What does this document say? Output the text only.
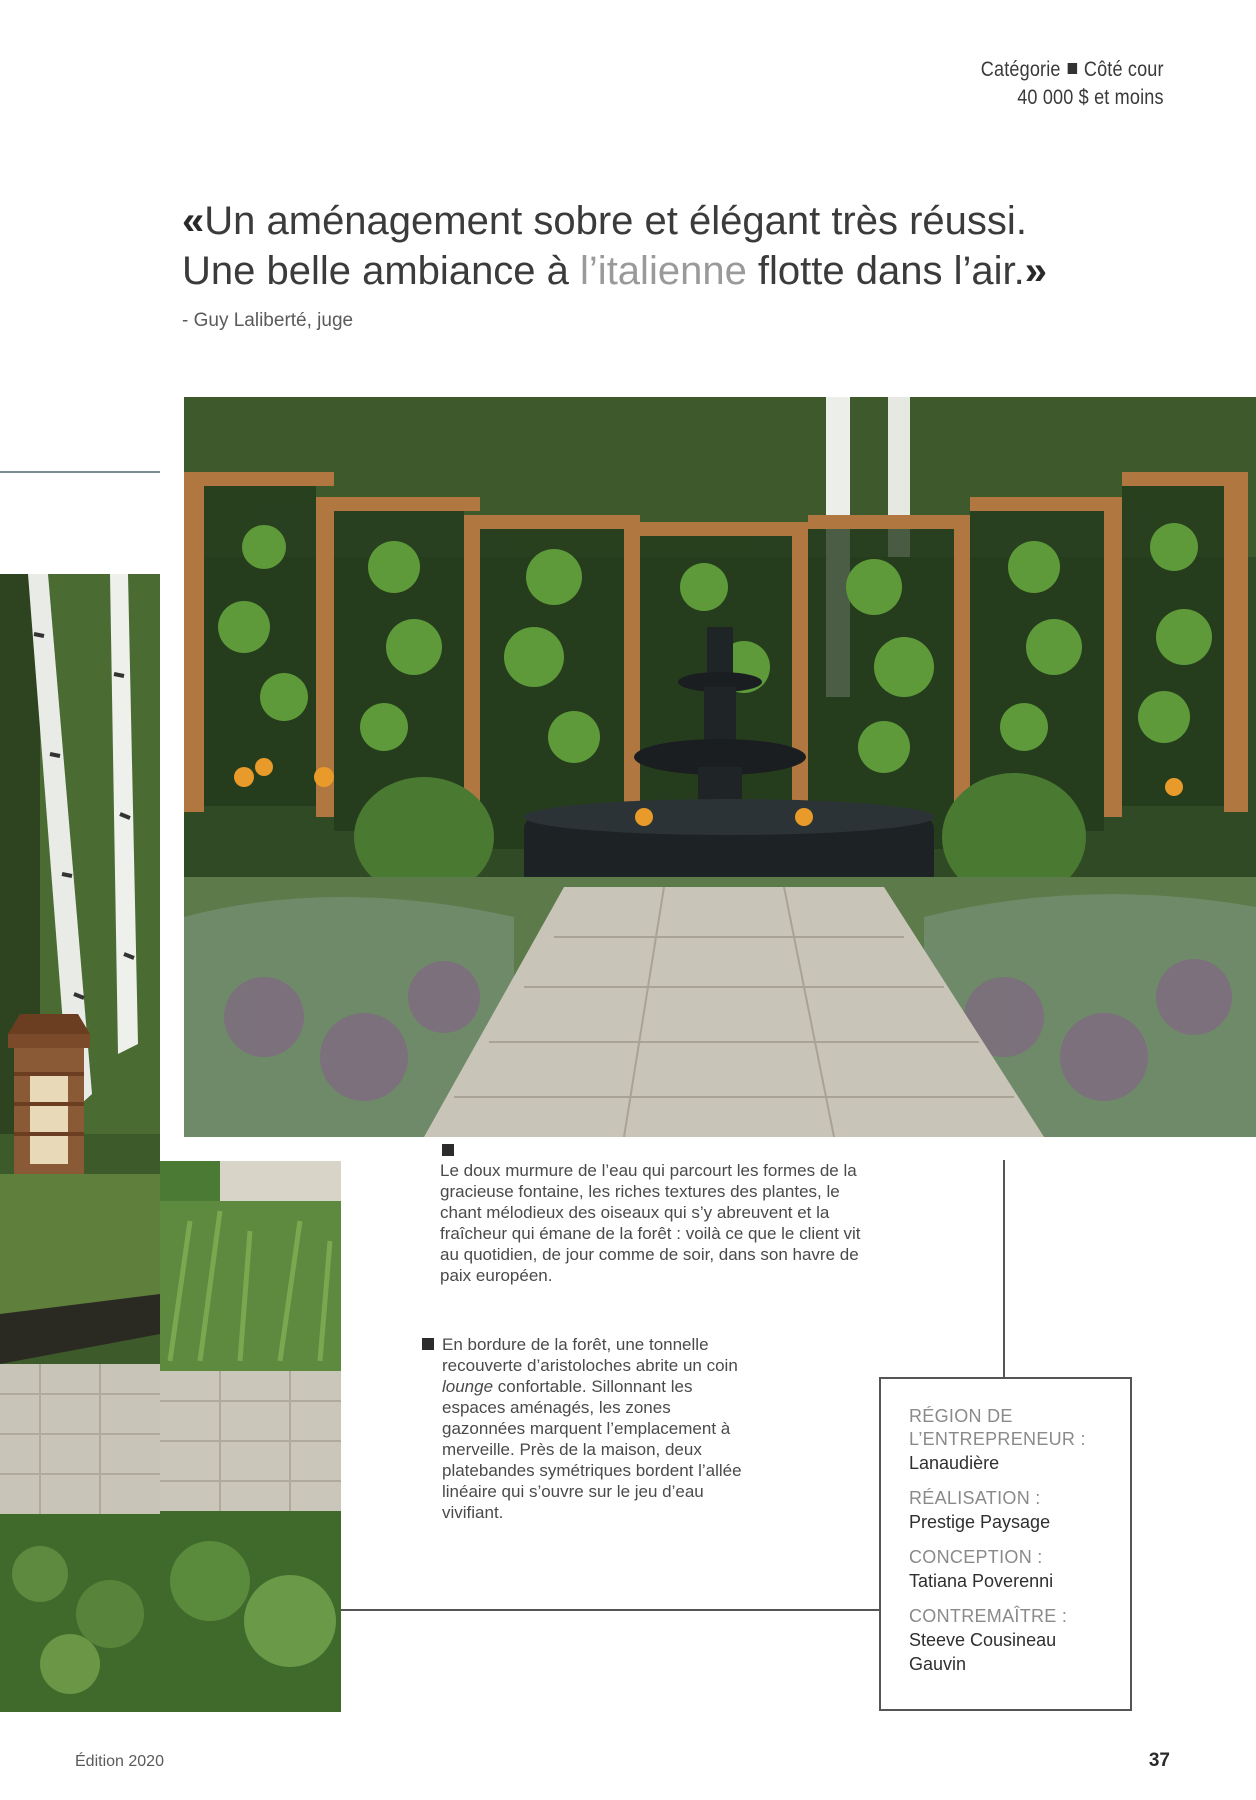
Catégorie Côté cour
40 000 $ et moins
«Un aménagement sobre et élégant très réussi.
Une belle ambiance à l’italienne flotte dans l’air.»
- Guy Laliberté, juge
Le doux murmure de l’eau qui parcourt les formes de la gracieuse fontaine, les riches textures des plantes, le chant mélodieux des oiseaux qui s’y abreuvent et la fraîcheur qui émane de la forêt : voilà ce que le client vit au quotidien, de jour comme de soir, dans son havre de paix européen.
En bordure de la forêt, une tonnelle recouverte d’aristoloches abrite un coin lounge confortable. Sillonnant les espaces aménagés, les zones gazonnées marquent l’emplacement à merveille. Près de la maison, deux platebandes symétriques bordent l’allée linéaire qui s’ouvre sur le jeu d’eau vivifiant.
RÉGION DE L’ENTREPRENEUR :
Lanaudière
RÉALISATION :
Prestige Paysage
CONCEPTION :
Tatiana Poverenni
CONTREMAÎTRE :
Steeve Cousineau Gauvin
Édition 2020	37
